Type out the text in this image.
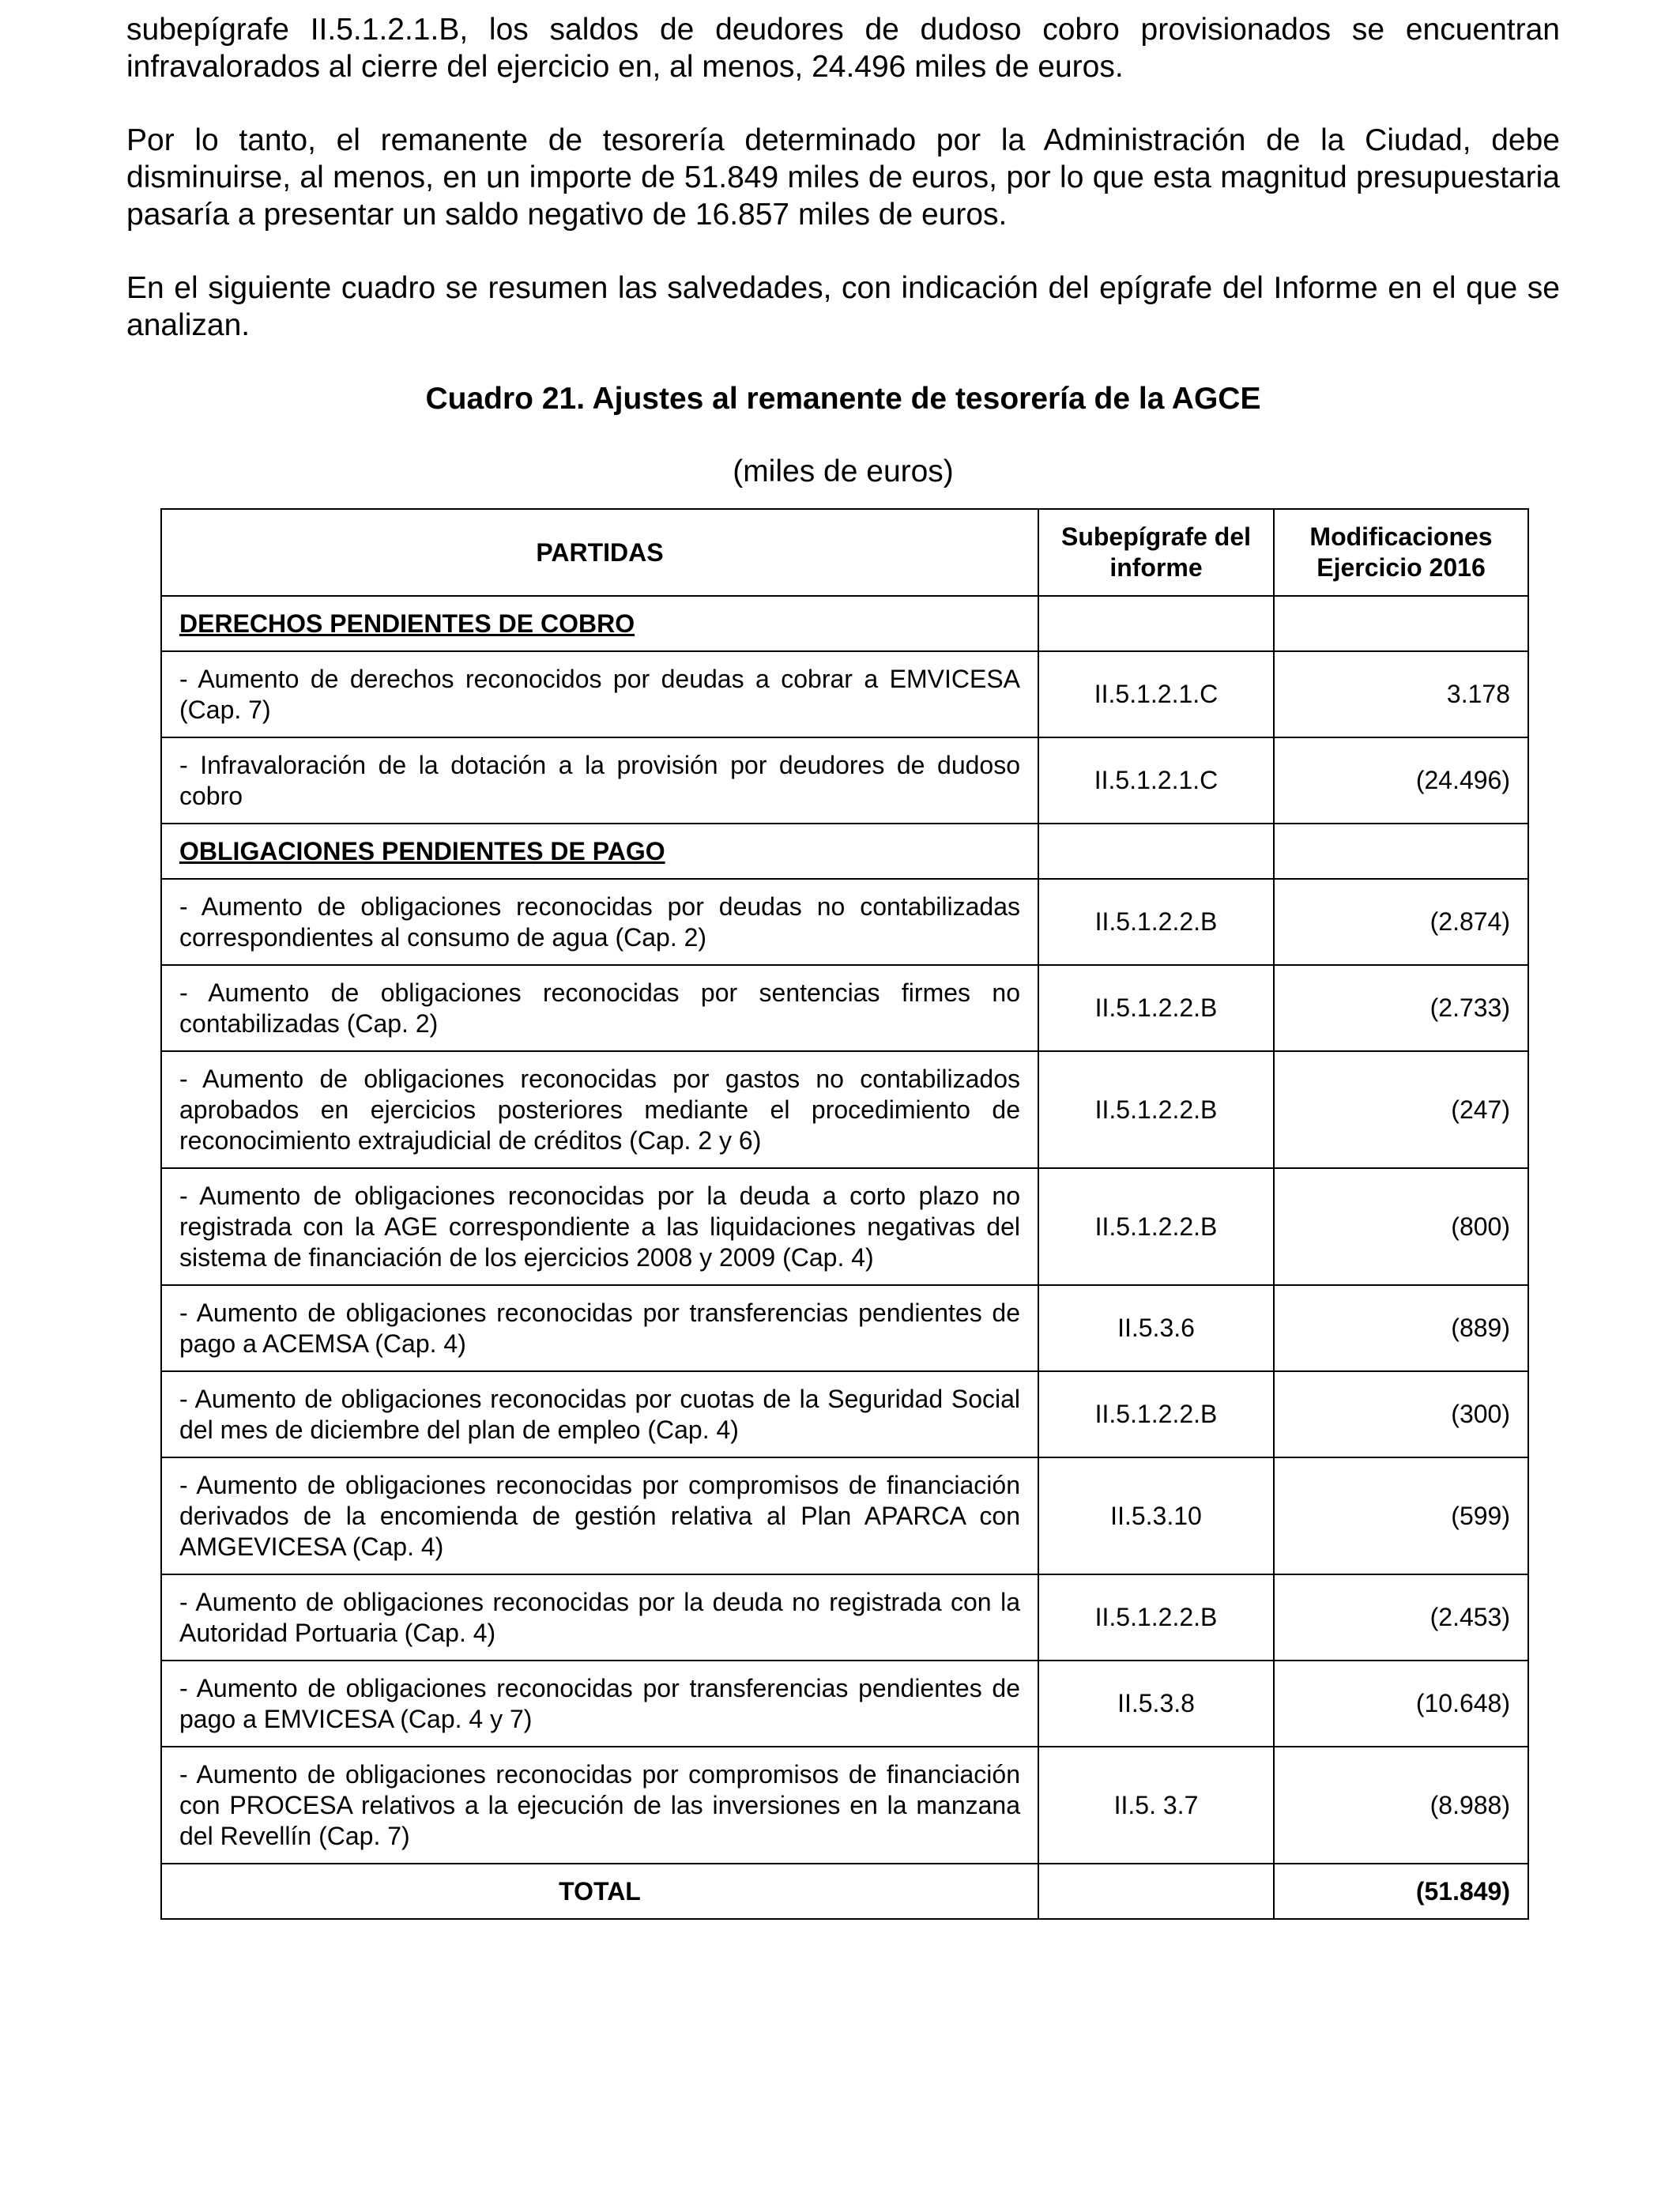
subepígrafe II.5.1.2.1.B, los saldos de deudores de dudoso cobro provisionados se encuentran infravalorados al cierre del ejercicio en, al menos, 24.496 miles de euros.

Por lo tanto, el remanente de tesorería determinado por la Administración de la Ciudad, debe disminuirse, al menos, en un importe de 51.849 miles de euros, por lo que esta magnitud presupuestaria pasaría a presentar un saldo negativo de 16.857 miles de euros.

En el siguiente cuadro se resumen las salvedades, con indicación del epígrafe del Informe en el que se analizan.

Cuadro 21. Ajustes al remanente de tesorería de la AGCE
(miles de euros)
PARTIDAS	Subepígrafe del informe	Modificaciones Ejercicio 2016
DERECHOS PENDIENTES DE COBRO		
- Aumento de derechos reconocidos por deudas a cobrar a EMVICESA (Cap. 7)	II.5.1.2.1.C	3.178
- Infravaloración de la dotación a la provisión por deudores de dudoso cobro	II.5.1.2.1.C	(24.496)
OBLIGACIONES PENDIENTES DE PAGO		
- Aumento de obligaciones reconocidas por deudas no contabilizadas correspondientes al consumo de agua (Cap. 2)	II.5.1.2.2.B	(2.874)
- Aumento de obligaciones reconocidas por sentencias firmes no contabilizadas (Cap. 2)	II.5.1.2.2.B	(2.733)
- Aumento de obligaciones reconocidas por gastos no contabilizados aprobados en ejercicios posteriores mediante el procedimiento de reconocimiento extrajudicial de créditos (Cap. 2 y 6)	II.5.1.2.2.B	(247)
- Aumento de obligaciones reconocidas por la deuda a corto plazo no registrada con la AGE correspondiente a las liquidaciones negativas del sistema de financiación de los ejercicios 2008 y 2009 (Cap. 4)	II.5.1.2.2.B	(800)
- Aumento de obligaciones reconocidas por transferencias pendientes de pago a ACEMSA (Cap. 4)	II.5.3.6	(889)
- Aumento de obligaciones reconocidas por cuotas de la Seguridad Social del mes de diciembre del plan de empleo (Cap. 4)	II.5.1.2.2.B	(300)
- Aumento de obligaciones reconocidas por compromisos de financiación derivados de la encomienda de gestión relativa al Plan APARCA con AMGEVICESA (Cap. 4)	II.5.3.10	(599)
- Aumento de obligaciones reconocidas por la deuda no registrada con la Autoridad Portuaria (Cap. 4)	II.5.1.2.2.B	(2.453)
- Aumento de obligaciones reconocidas por transferencias pendientes de pago a EMVICESA (Cap. 4 y 7)	II.5.3.8	(10.648)
- Aumento de obligaciones reconocidas por compromisos de financiación con PROCESA relativos a la ejecución de las inversiones en la manzana del Revellín (Cap. 7)	II.5. 3.7	(8.988)
TOTAL		(51.849)
